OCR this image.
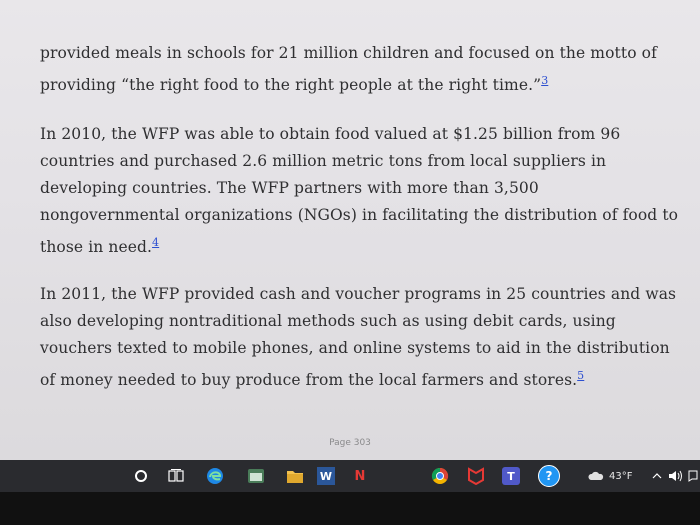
provided meals in schools for 21 million children and focused on the motto of providing “the right food to the right people at the right time.”$^3$

In 2010, the WFP was able to obtain food valued at $1.25 billion from 96 countries and purchased 2.6 million metric tons from local suppliers in developing countries. The WFP partners with more than 3,500 nongovernmental organizations (NGOs) in facilitating the distribution of food to those in need.$^4$

In 2011, the WFP provided cash and voucher programs in 25 countries and was also developing nontraditional methods such as using debit cards, using vouchers texted to mobile phones, and online systems to aid in the distribution of money needed to buy produce from the local farmers and stores.$^5$

Page 303
W N	T	?	43°F
